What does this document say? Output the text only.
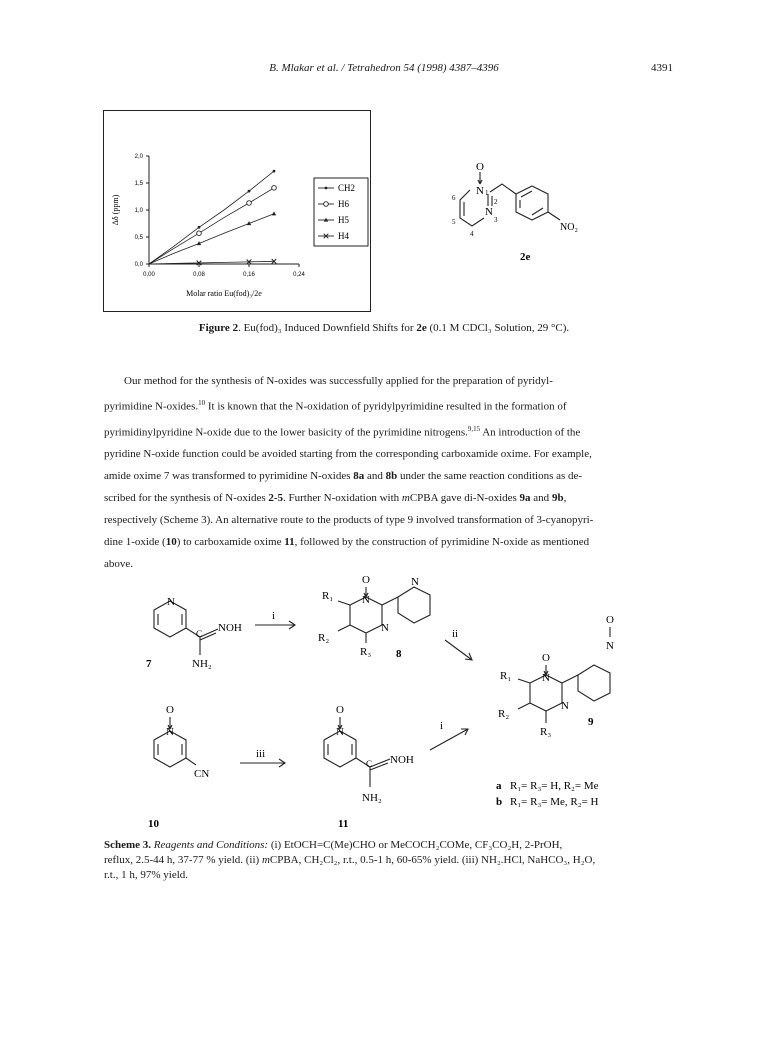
B. Mlakar et al. / Tetrahedron 54 (1998) 4387–4396	4391
0,00	0,08	0,16	0,24
0,0
0,5
1,0
1,5
2,0
Molar ratio Eu(fod)₃/2e
Δδ (ppm)
CH2
H6
H5
H4
O
N
N
NO₂
1
2
3
4
5
6
2e
Figure 2. Eu(fod)₃ Induced Downfield Shifts for 2e (0.1 M CDCl₃ Solution, 29 °C).

Our method for the synthesis of N-oxides was successfully applied for the preparation of pyridyl-

pyrimidine N-oxides.$^{10}$ It is known that the N-oxidation of pyridylpyrimidine resulted in the formation of
pyrimidinylpyridine N-oxide due to the lower basicity of the pyrimidine nitrogens.$^{9,15}$ An introduction of the
pyridine N-oxide function could be avoided starting from the corresponding carboxamide oxime. For example,
amide oxime 7 was transformed to pyrimidine N-oxides 8a and 8b under the same reaction conditions as de-
scribed for the synthesis of N-oxides 2-5. Further N-oxidation with mCPBA gave di-N-oxides 9a and 9b,
respectively (Scheme 3). An alternative route to the products of type 9 involved transformation of 3-cyanopyri-
dine 1-oxide (10) to carboxamide oxime 11, followed by the construction of pyrimidine N-oxide as mentioned
above.
N
NOH
C
NH₂
7
i
O
N
N
N
R₁
R₂
R₃ 8
ii
O
N
O
N
N
R₁
R₂
R₃
9
O
N
CN
10
iii
O
N
NOH
C
NH₂
11
i
a R₁= R₃= H, R₂= Me
b R₁= R₃= Me, R₂= H
Scheme 3. Reagents and Conditions: (i) EtOCH=C(Me)CHO or MeCOCH₂COMe, CF₃CO₂H, 2-PrOH,
reflux, 2.5-44 h, 37-77 % yield. (ii) mCPBA, CH₂Cl₂, r.t., 0.5-1 h, 60-65% yield. (iii) NH₂.HCl, NaHCO₃, H₂O,
r.t., 1 h, 97% yield.
